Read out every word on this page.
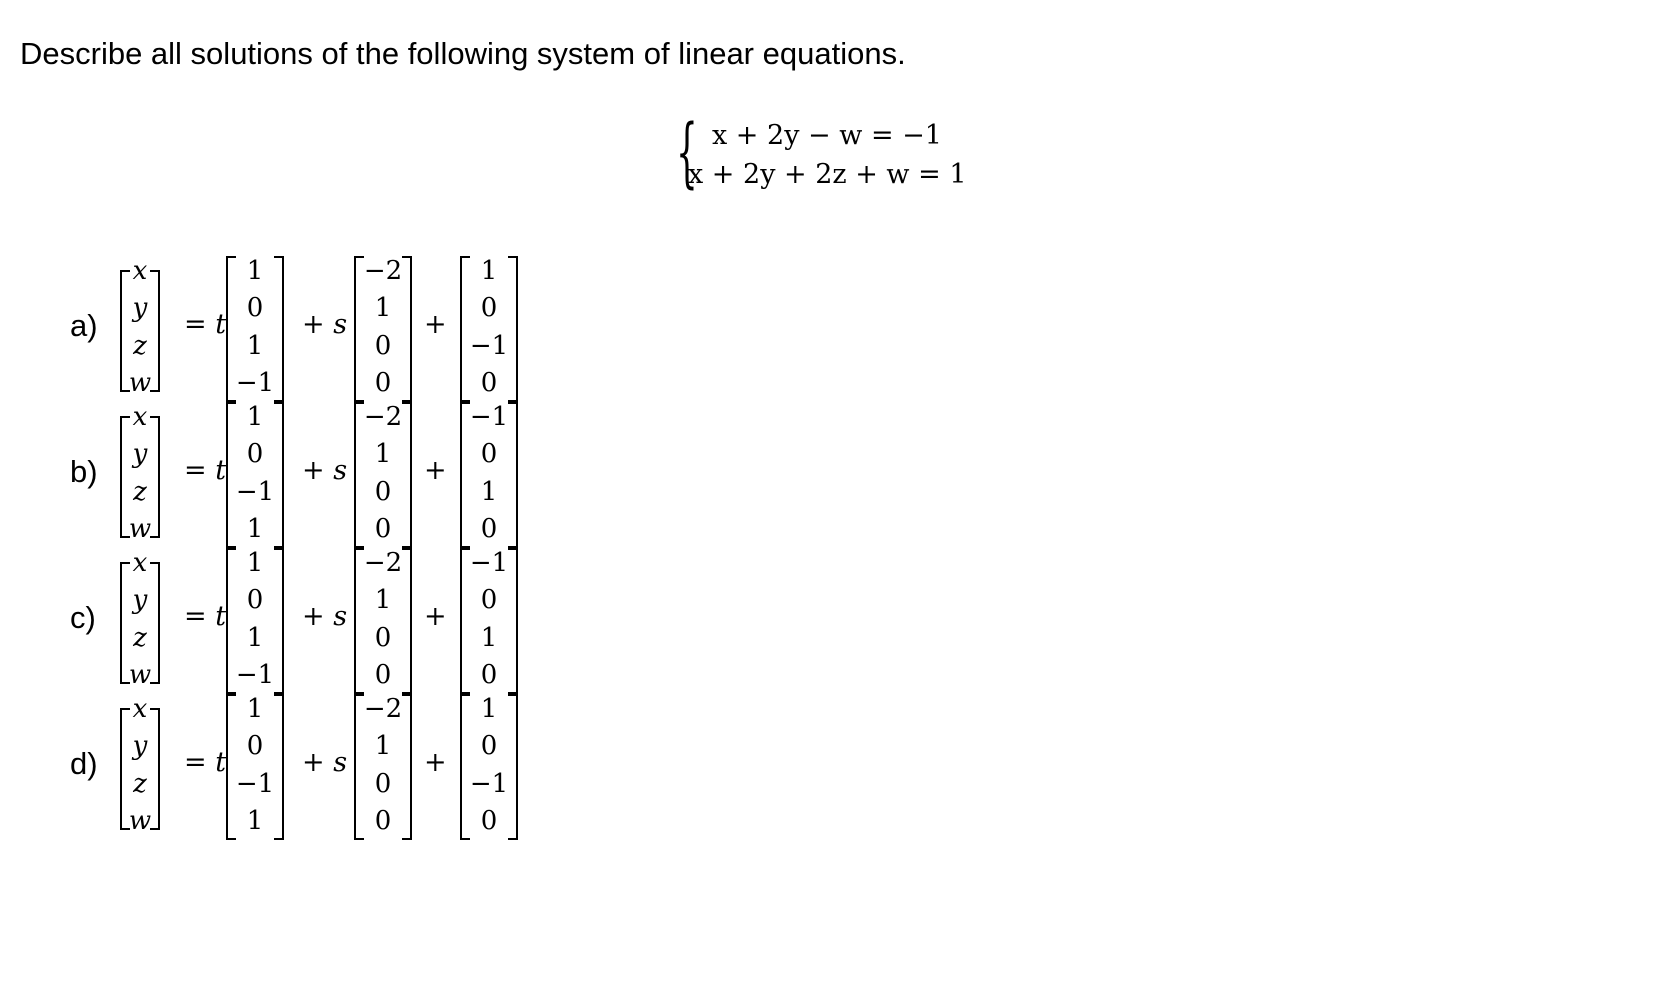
Describe all solutions of the following system of linear equations.
{ x + 2y − w = −1
x + 2y + 2z + w = 1
a)
x
y
z
w
= t
1
0
1
−1
+ s
−2
1
0
0
+
1
0
−1
0
b)
x
y
z
w
= t
1
0
−1
1
+ s
−2
1
0
0
+
−1
0
1
0
c)
x
y
z
w
= t
1
0
1
−1
+ s
−2
1
0
0
+
−1
0
1
0
d)
x
y
z
w
= t
1
0
−1
1
+ s
−2
1
0
0
+
1
0
−1
0
